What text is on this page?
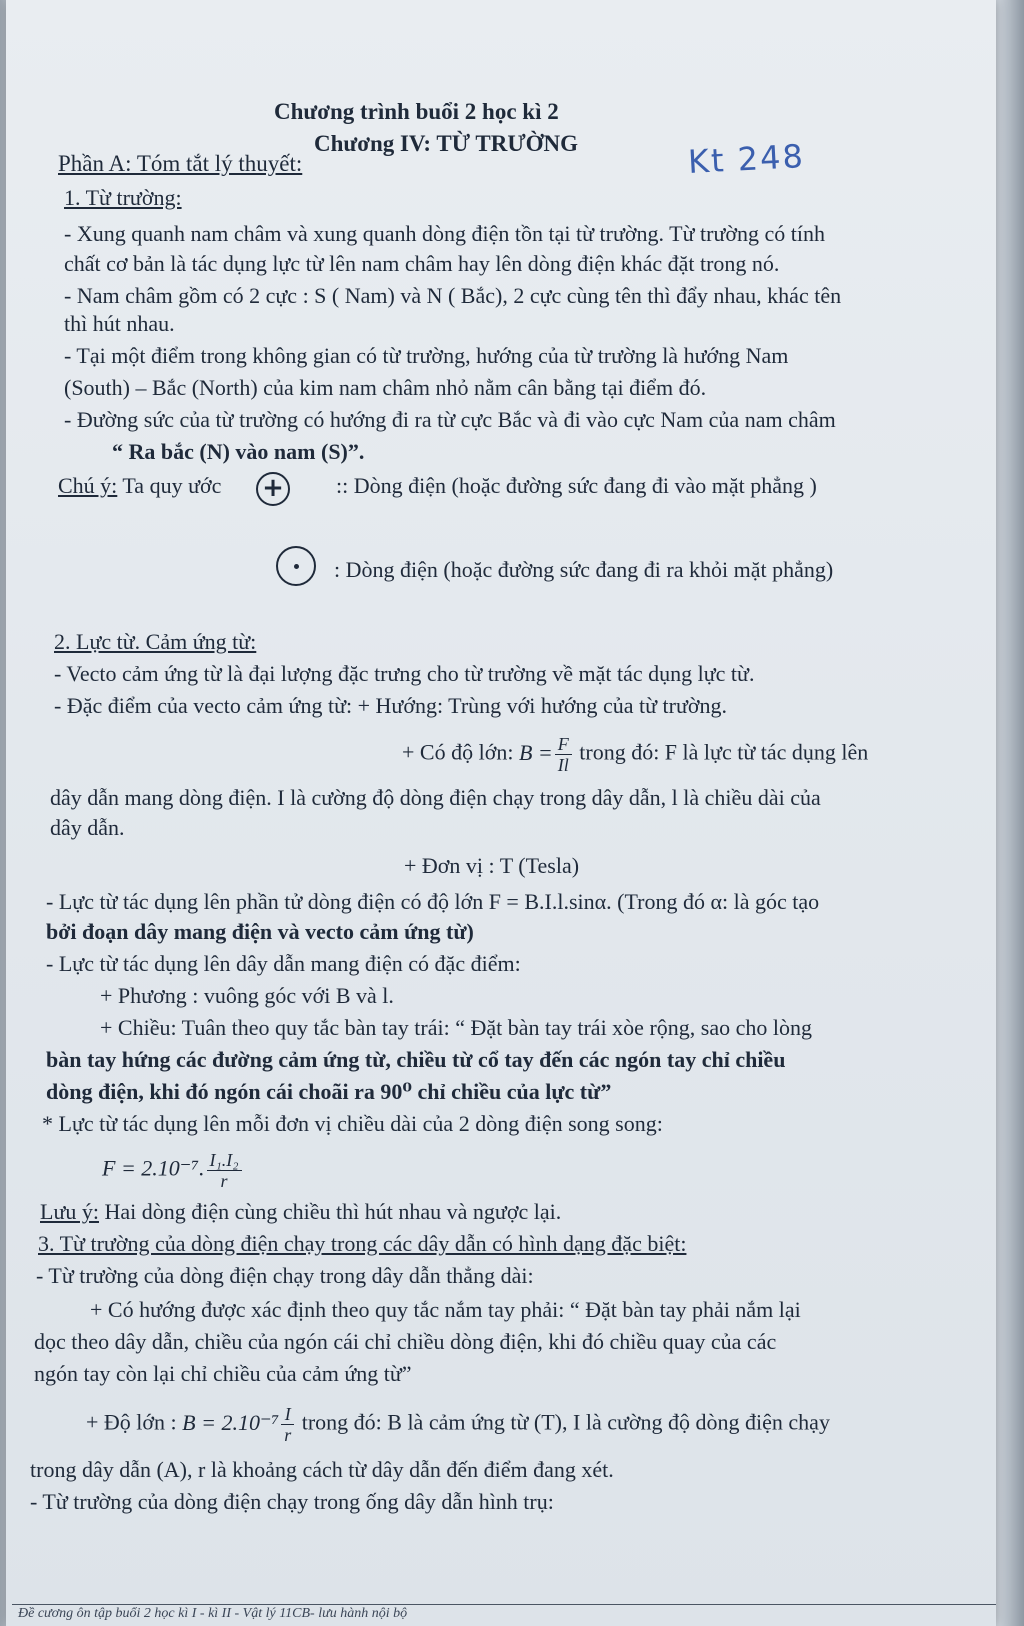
Chương trình buổi 2 học kì 2
Chương IV: TỪ TRƯỜNG	Kt 248
Phần A: Tóm tắt lý thuyết:
1. Từ trường:
- Xung quanh nam châm và xung quanh dòng điện tồn tại từ trường. Từ trường có tính
chất cơ bản là tác dụng lực từ lên nam châm hay lên dòng điện khác đặt trong nó.
- Nam châm gồm có 2 cực : S ( Nam) và N ( Bắc), 2 cực cùng tên thì đẩy nhau, khác tên
thì hút nhau.
- Tại một điểm trong không gian có từ trường, hướng của từ trường là hướng Nam
(South) – Bắc (North) của kim nam châm nhỏ nằm cân bằng tại điểm đó.
- Đường sức của từ trường có hướng đi ra từ cực Bắc và đi vào cực Nam của nam châm
“ Ra bắc (N) vào nam (S)”.
Chú ý: Ta quy ước + :: Dòng điện (hoặc đường sức đang đi vào mặt phẳng )
: Dòng điện (hoặc đường sức đang đi ra khỏi mặt phẳng)
2. Lực từ. Cảm ứng từ:
- Vecto cảm ứng từ là đại lượng đặc trưng cho từ trường về mặt tác dụng lực từ.
- Đặc điểm của vecto cảm ứng từ: + Hướng: Trùng với hướng của từ trường.
+ Có độ lớn: $B = \frac{F}{Il}$ trong đó: F là lực từ tác dụng lên
dây dẫn mang dòng điện. I là cường độ dòng điện chạy trong dây dẫn, l là chiều dài của
dây dẫn.
+ Đơn vị : T (Tesla)
- Lực từ tác dụng lên phần tử dòng điện có độ lớn F = B.I.l.sinα. (Trong đó α: là góc tạo
bởi đoạn dây mang điện và vecto cảm ứng từ)
- Lực từ tác dụng lên dây dẫn mang điện có đặc điểm:
+ Phương : vuông góc với B và l.
+ Chiều: Tuân theo quy tắc bàn tay trái: “ Đặt bàn tay trái xòe rộng, sao cho lòng
bàn tay hứng các đường cảm ứng từ, chiều từ cổ tay đến các ngón tay chỉ chiều
dòng điện, khi đó ngón cái choãi ra 90⁰ chỉ chiều của lực từ”
* Lực từ tác dụng lên mỗi đơn vị chiều dài của 2 dòng điện song song:
F = 2.10⁻⁷. $\frac{\text{I₁.I₂}}{r}$
Lưu ý: Hai dòng điện cùng chiều thì hút nhau và ngược lại.
3. Từ trường của dòng điện chạy trong các dây dẫn có hình dạng đặc biệt:
- Từ trường của dòng điện chạy trong dây dẫn thẳng dài:
+ Có hướng được xác định theo quy tắc nắm tay phải: “ Đặt bàn tay phải nắm lại
dọc theo dây dẫn, chiều của ngón cái chỉ chiều dòng điện, khi đó chiều quay của các
ngón tay còn lại chỉ chiều của cảm ứng từ”
+ Độ lớn : $B = 2.10^{-7} \frac{I}{r}$ trong đó: B là cảm ứng từ (T), I là cường độ dòng điện chạy
trong dây dẫn (A), r là khoảng cách từ dây dẫn đến điểm đang xét.
- Từ trường của dòng điện chạy trong ống dây dẫn hình trụ:
Đề cương ôn tập buổi 2 học kì I - kì II - Vật lý 11CB- lưu hành nội bộ
